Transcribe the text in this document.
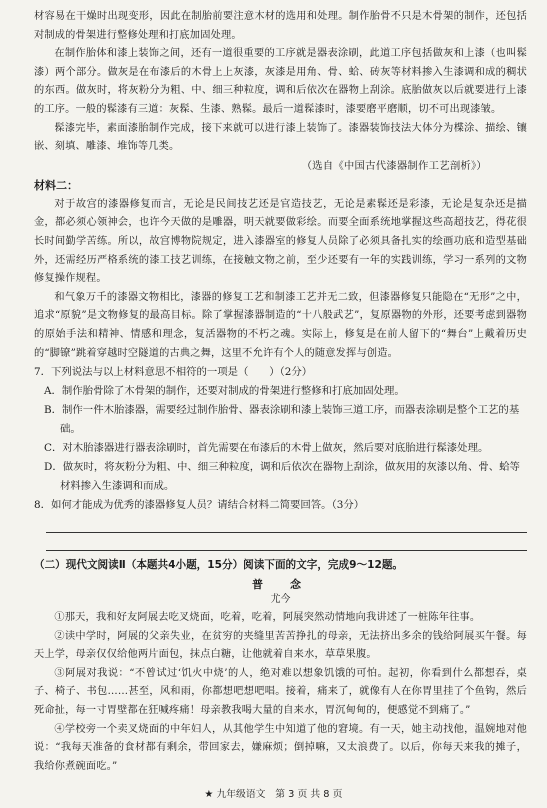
材容易在干燥时出现变形，因此在制胎前要注意木材的选用和处理。制作胎骨不只是木骨架的制作，还包括对制成的骨架进行整修处理和打底加固处理。

在制作胎体和漆上装饰之间，还有一道很重要的工序就是器表涂刷，此道工序包括做灰和上漆（也叫髹漆）两个部分。做灰是在布漆后的木骨上上灰漆，灰漆是用角、骨、蛤、砖灰等材料掺入生漆调和成的稠状的东西。做灰时，将灰粉分为粗、中、细三种粒度，调和后依次在器物上刮涂。底胎做灰以后就要进行上漆的工序。一般的髹漆有三道：灰髹、生漆、熟髹。最后一道髹漆时，漆要磨平磨顺，切不可出现漆皱。

髹漆完毕，素面漆胎制作完成，接下来就可以进行漆上装饰了。漆器装饰技法大体分为楪涂、描绘、镶嵌、刻填、雕漆、堆饰等几类。

（选自《中国古代漆器制作工艺剖析》）

材料二：

对于故宫的漆器修复而言，无论是民间技艺还是官造技艺，无论是素髹还是彩漆，无论是复杂还是描金，都必须心领神会，也许今天做的是雕器，明天就要做彩绘。而要全面系统地掌握这些高超技艺，得花很长时间勤学苦练。所以，故宫博物院规定，进入漆器室的修复人员除了必须具备扎实的绘画功底和造型基础外，还需经历严格系统的漆工技艺训练，在接触文物之前，至少还要有一年的实践训练，学习一系列的文物修复操作规程。

和气象万千的漆器文物相比，漆器的修复工艺和制漆工艺并无二致，但漆器修复只能隐在“无形”之中，追求“原貌”是文物修复的最高目标。除了掌握漆器制造的“十八般武艺”，复原器物的外形，还要考虑到器物的原始手法和精神、情感和理念，复活器物的不朽之魂。实际上，修复是在前人留下的“舞台”上戴着历史的“脚镣”跳着穿越时空隧道的古典之舞，这里不允许有个人的随意发挥与创造。

7．下列说法与以上材料意思不相符的一项是（　　）（2分）

A．制作胎骨除了木骨架的制作，还要对制成的骨架进行整修和打底加固处理。

B．制作一件木胎漆器，需要经过制作胎骨、器表涂刷和漆上装饰三道工序，而器表涂刷是整个工艺的基础。

C．对木胎漆器进行器表涂刷时，首先需要在布漆后的木骨上做灰，然后要对底胎进行髹漆处理。

D．做灰时，将灰粉分为粗、中、细三种粒度，调和后依次在器物上刮涂，做灰用的灰漆以角、骨、蛤等材料掺入生漆调和而成。

8．如何才能成为优秀的漆器修复人员？请结合材料二简要回答。（3分）

（二）现代文阅读Ⅱ（本题共4小题，15分）阅读下面的文字，完成9～12题。

普　念

尤今

①那天，我和好友阿展去吃叉烧面，吃着，吃着，阿展突然动情地向我讲述了一桩陈年往事。

②读中学时，阿展的父亲失业，在贫穷的夹缝里苦苦挣扎的母亲，无法挤出多余的钱给阿展买午餐。每天上学，母亲仅仅给他两片面包，抹点白糖，让他就着自来水，草草果腹。

③阿展对我说：“不曾试过‘饥火中烧’的人，绝对难以想象饥饿的可怕。起初，你看到什么都想吞，桌子、椅子、书包……甚至，风和雨，你都想吧想吧唱。接着，痛来了，就像有人在你胃里挂了个鱼钩，然后死命扯，每一寸胃壁都在狂喊疼痛！母亲教我喝大量的自来水，胃沉甸甸的，便感觉不到痛了。”

④学校旁一个卖叉烧面的中年妇人，从其他学生中知道了他的窘境。有一天，她主动找他，温婉地对他说：“我每天准备的食材都有剩余，带回家去，嫌麻烦；倒掉嘛，又太浪费了。以后，你每天来我的摊子，我给你煮碗面吃。”

★ 九年级语文　第 3 页 共 8 页
